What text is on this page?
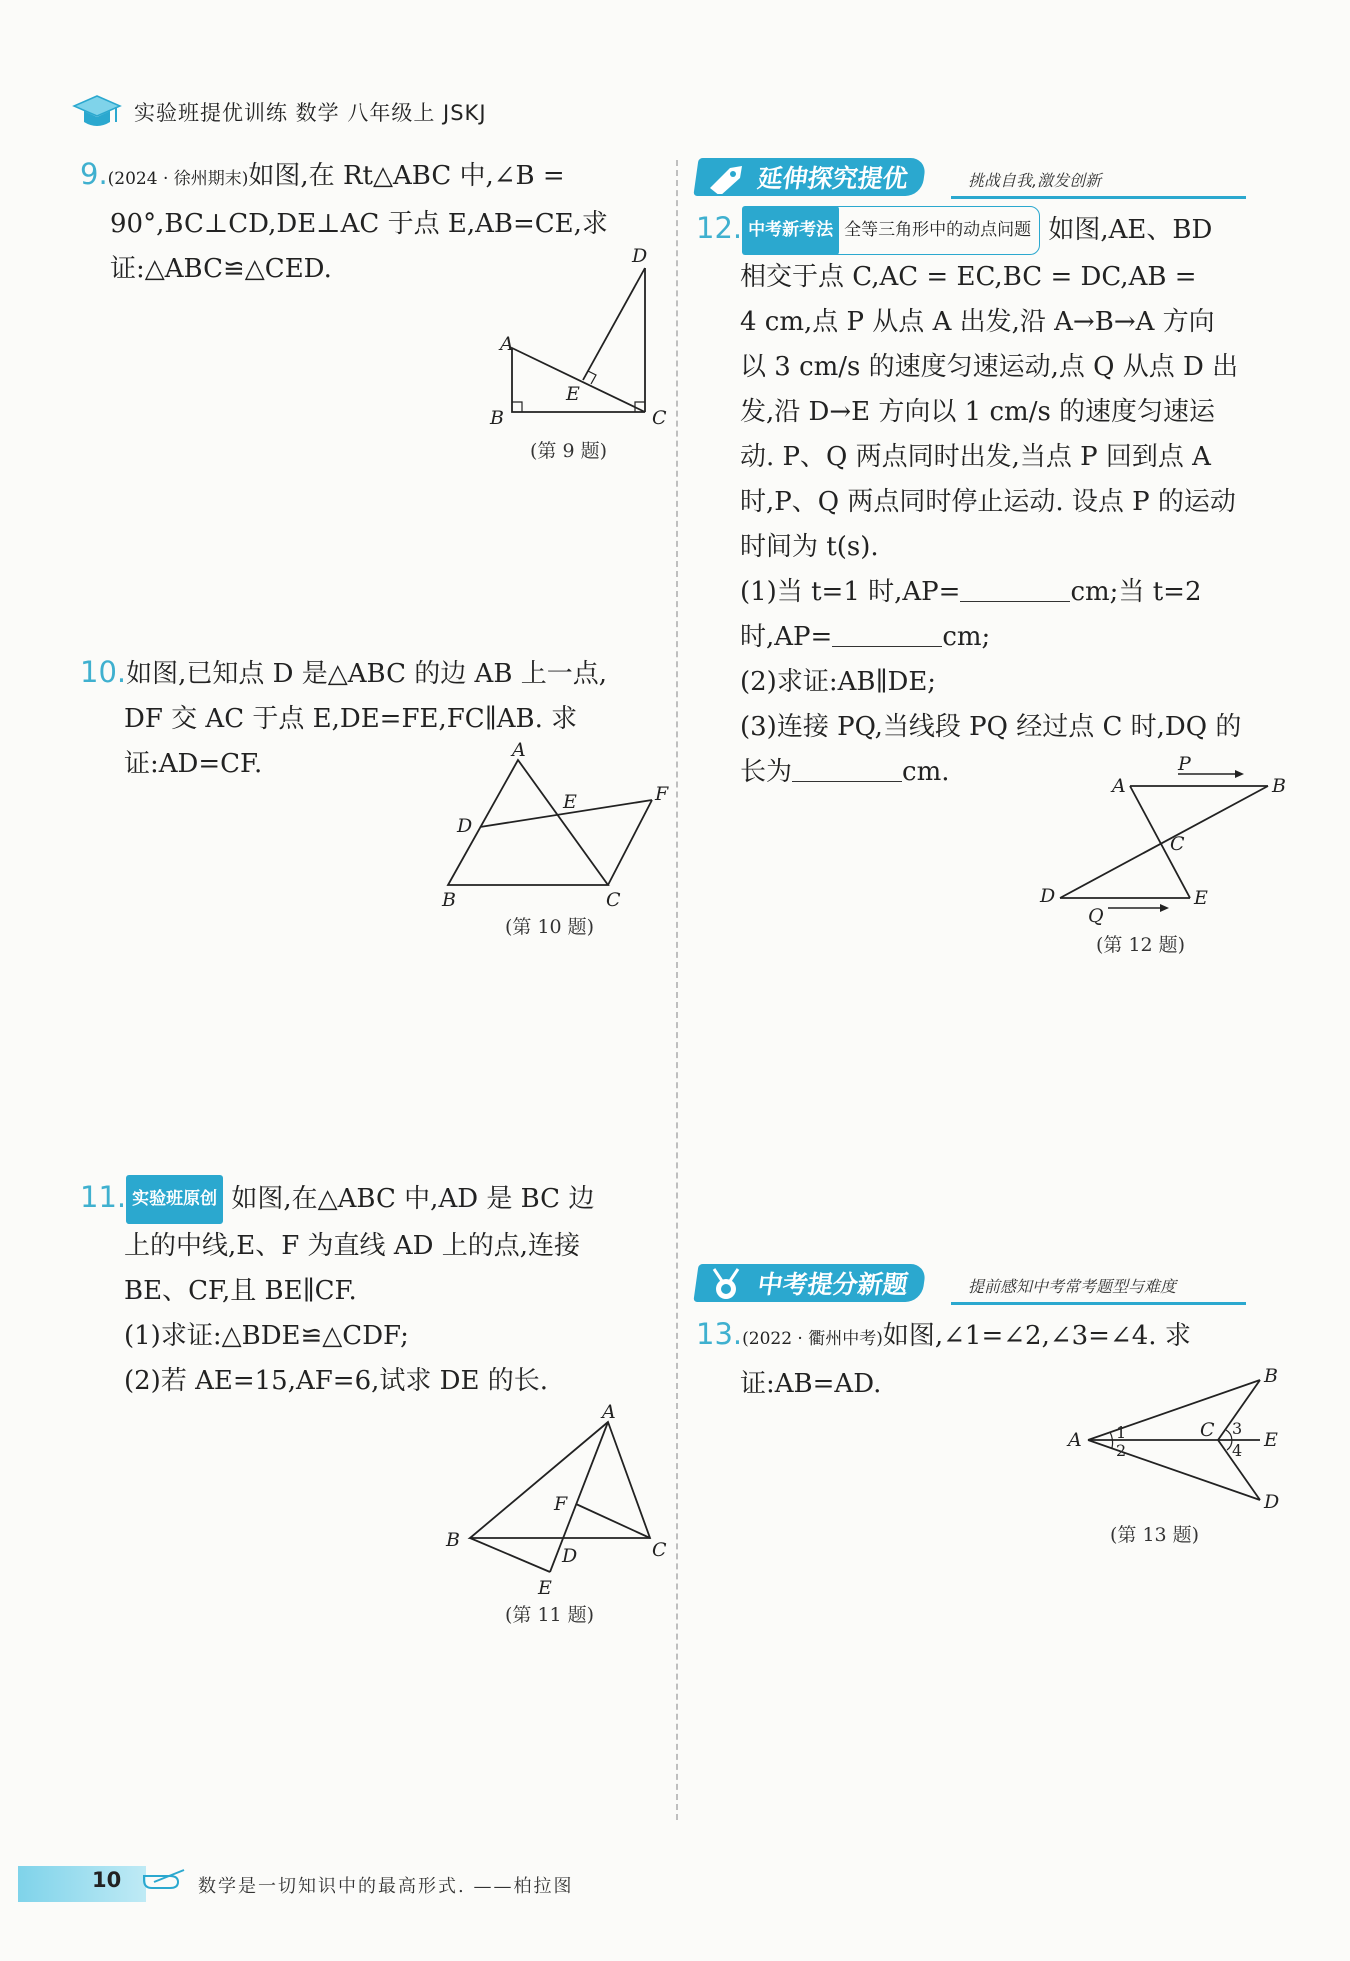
实验班提优训练 数学 八年级上 JSKJ
9.(2024 · 徐州期末)如图,在 Rt△ABC 中,∠B =
90°,BC⊥CD,DE⊥AC 于点 E,AB=CE,求
证:△ABC≌△CED.
A
B	C
D
E
(第 9 题)
10.如图,已知点 D 是△ABC 的边 AB 上一点,
DF 交 AC 于点 E,DE=FE,FC∥AB. 求
证:AD=CF.	A
B	C
D
E	F
(第 10 题)
11. 实验班原创 如图,在△ABC 中,AD 是 BC 边
上的中线,E、F 为直线 AD 上的点,连接
BE、CF,且 BE∥CF.
(1)求证:△BDE≌△CDF;
(2)若 AE=15,AF=6,试求 DE 的长.
A
B	C
D
E
F
(第 11 题)
延伸探究提优	挑战自我,激发创新
12. 中考新考法 全等三角形中的动点问题 如图,AE、BD
相交于点 C,AC = EC,BC = DC,AB =
4 cm,点 P 从点 A 出发,沿 A→B→A 方向
以 3 cm/s 的速度匀速运动,点 Q 从点 D 出
发,沿 D→E 方向以 1 cm/s 的速度匀速运
动. P、Q 两点同时出发,当点 P 回到点 A
时,P、Q 两点同时停止运动. 设点 P 的运动
时间为 t(s).
(1)当 t=1 时,AP=	cm;当 t=2
时,AP=	cm;
(2)求证:AB∥DE;
(3)连接 PQ,当线段 PQ 经过点 C 时,DQ 的
长为	cm.	A	B
C
D	E
P
Q
(第 12 题)
中考提分新题	提前感知中考常考题型与难度
13.(2022 · 衢州中考)如图,∠1=∠2,∠3=∠4. 求
证:AB=AD.
A
B
C
D
E
1
2
3
4
(第 13 题)
10	数学是一切知识中的最高形式. ——柏拉图
